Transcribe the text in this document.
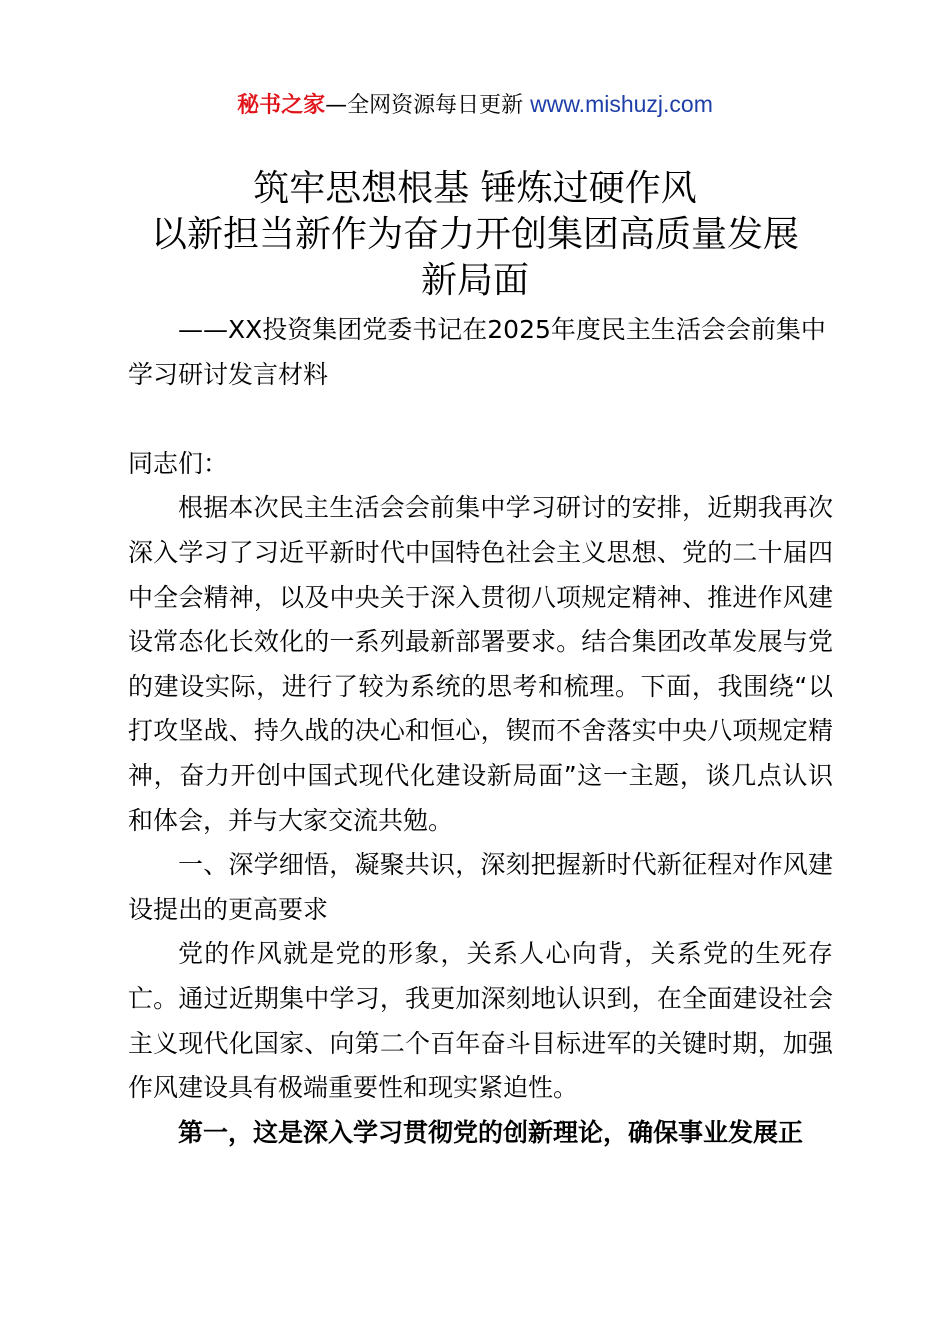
秘书之家—全网资源每日更新 www.mishuzj.com
筑牢思想根基 锤炼过硬作风
以新担当新作为奋力开创集团高质量发展
新局面

——XX投资集团党委书记在2025年度民主生活会会前集中学习研讨发言材料

同志们：

根据本次民主生活会会前集中学习研讨的安排，近期我再次深入学习了习近平新时代中国特色社会主义思想、党的二十届四中全会精神，以及中央关于深入贯彻八项规定精神、推进作风建设常态化长效化的一系列最新部署要求。结合集团改革发展与党的建设实际，进行了较为系统的思考和梳理。下面，我围绕“以打攻坚战、持久战的决心和恒心，锲而不舍落实中央八项规定精神，奋力开创中国式现代化建设新局面”这一主题，谈几点认识和体会，并与大家交流共勉。

一、深学细悟，凝聚共识，深刻把握新时代新征程对作风建设提出的更高要求

党的作风就是党的形象，关系人心向背，关系党的生死存亡。通过近期集中学习，我更加深刻地认识到，在全面建设社会主义现代化国家、向第二个百年奋斗目标进军的关键时期，加强作风建设具有极端重要性和现实紧迫性。

第一，这是深入学习贯彻党的创新理论，确保事业发展正
